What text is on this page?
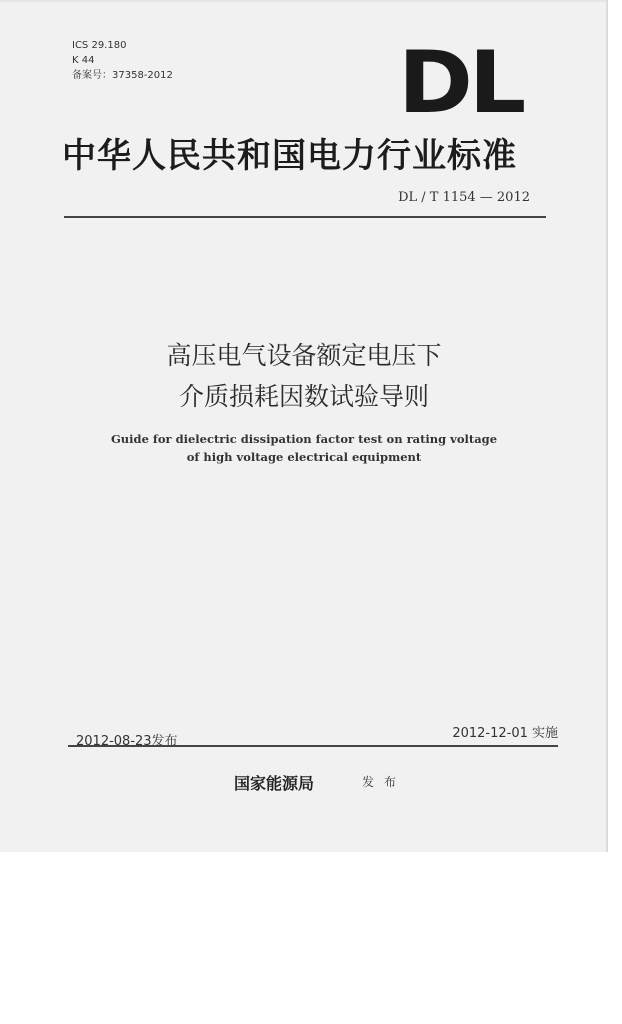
ICS 29.180
K 44
备案号：37358-2012	DL
中华人民共和国电力行业标准
DL / T 1154 — 2012
高压电气设备额定电压下
介质损耗因数试验导则
Guide for dielectric dissipation factor test on rating voltage
of high voltage electrical equipment
2012-08-23发布
2012-12-01 实施
国家能源局	发布
